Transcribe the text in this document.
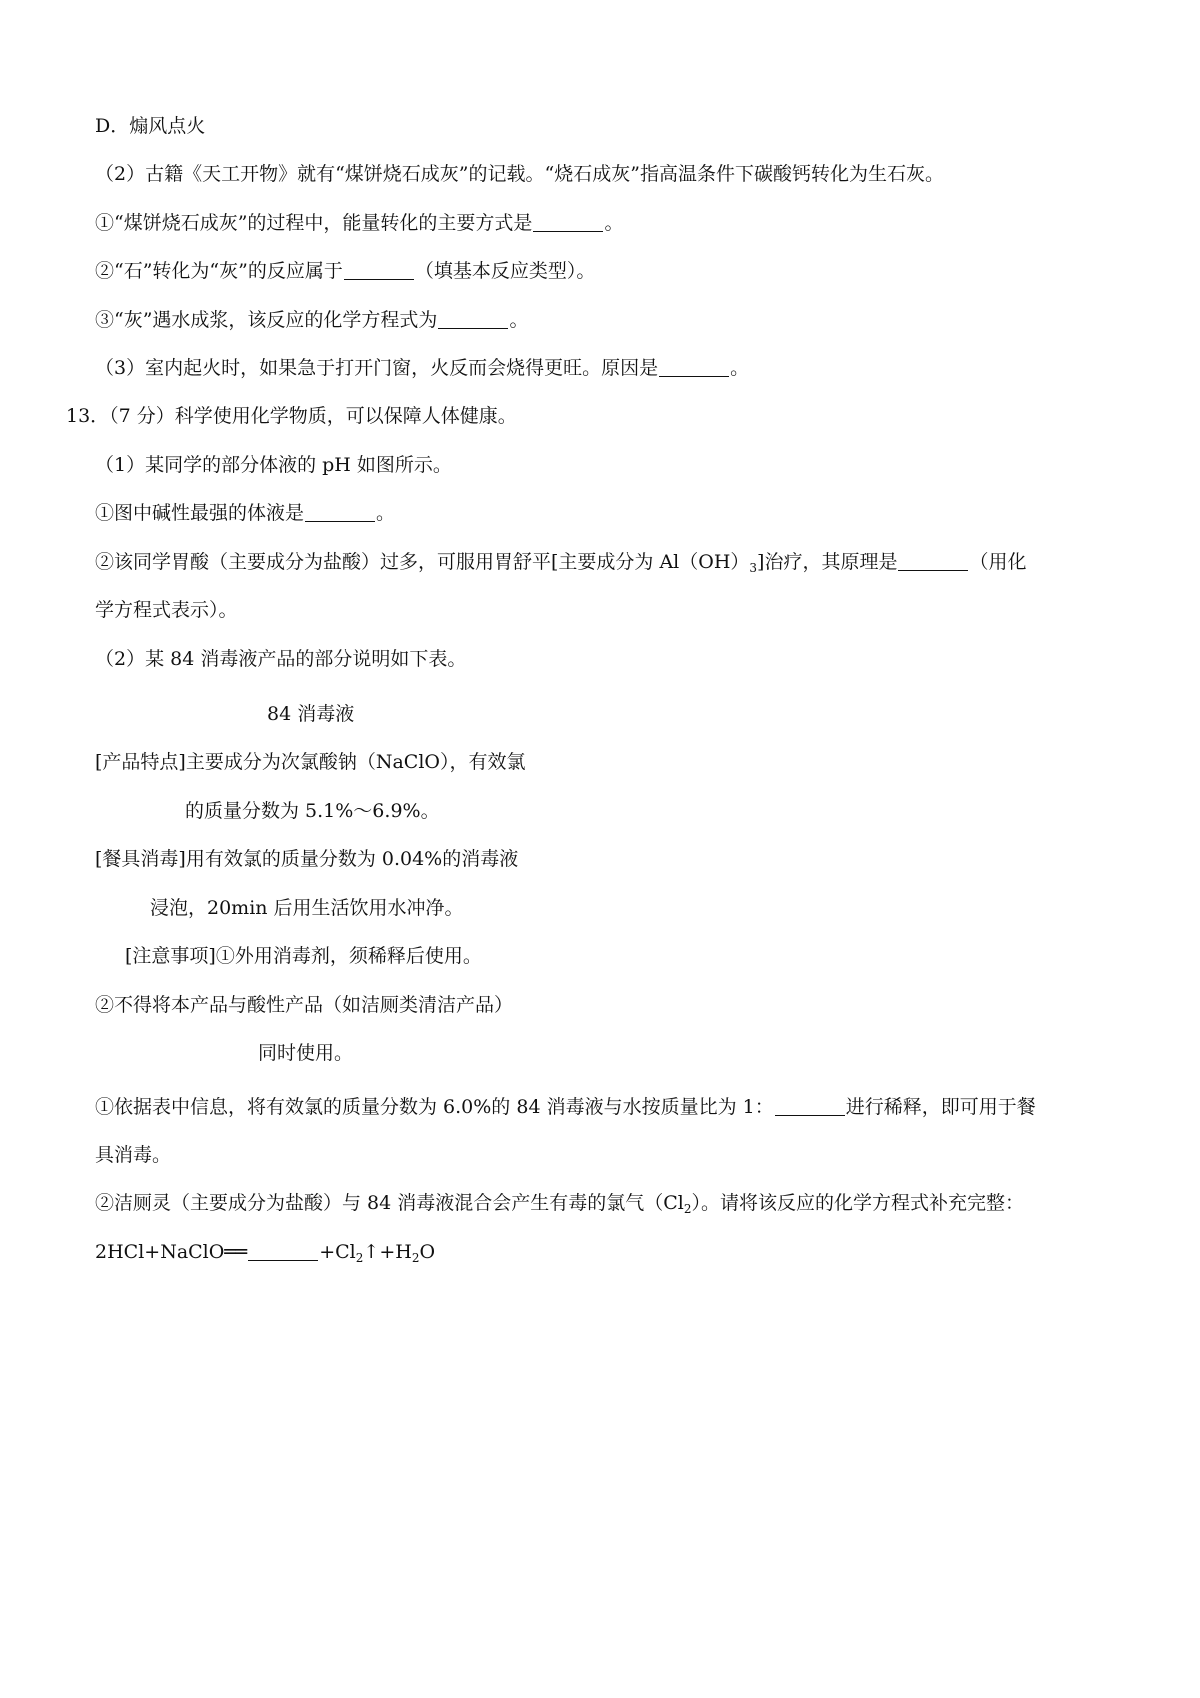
D．煽风点火
（2）古籍《天工开物》就有“煤饼烧石成灰”的记载。“烧石成灰”指高温条件下碳酸钙转化为生石灰。
①“煤饼烧石成灰”的过程中，能量转化的主要方式是	。
②“石”转化为“灰”的反应属于	（填基本反应类型）。
③“灰”遇水成浆，该反应的化学方程式为	。
（3）室内起火时，如果急于打开门窗，火反而会烧得更旺。原因是	。
13．（7 分）科学使用化学物质，可以保障人体健康。
（1）某同学的部分体液的 pH 如图所示。
①图中碱性最强的体液是	。
②该同学胃酸（主要成分为盐酸）过多，可服用胃舒平[主要成分为 $Al(OH)_3$]治疗，其原理是	（用化
学方程式表示）。
（2）某 84 消毒液产品的部分说明如下表。
84 消毒液
[产品特点]主要成分为次氯酸钠（NaClO），有效氯
的质量分数为 5.1%～6.9%。
[餐具消毒]用有效氯的质量分数为 0.04%的消毒液
浸泡，20min 后用生活饮用水冲净。
[注意事项]①外用消毒剂，须稀释后使用。
②不得将本产品与酸性产品（如洁厕类清洁产品）
同时使用。
①依据表中信息，将有效氯的质量分数为 6.0%的 84 消毒液与水按质量比为 1：	进行稀释，即可用于餐
具消毒。
②洁厕灵（主要成分为盐酸）与 84 消毒液混合会产生有毒的氯气$(Cl_2)$。请将该反应的化学方程式补充完整：
2HCl+NaClO══	$+Cl_2↑+H_2O$
